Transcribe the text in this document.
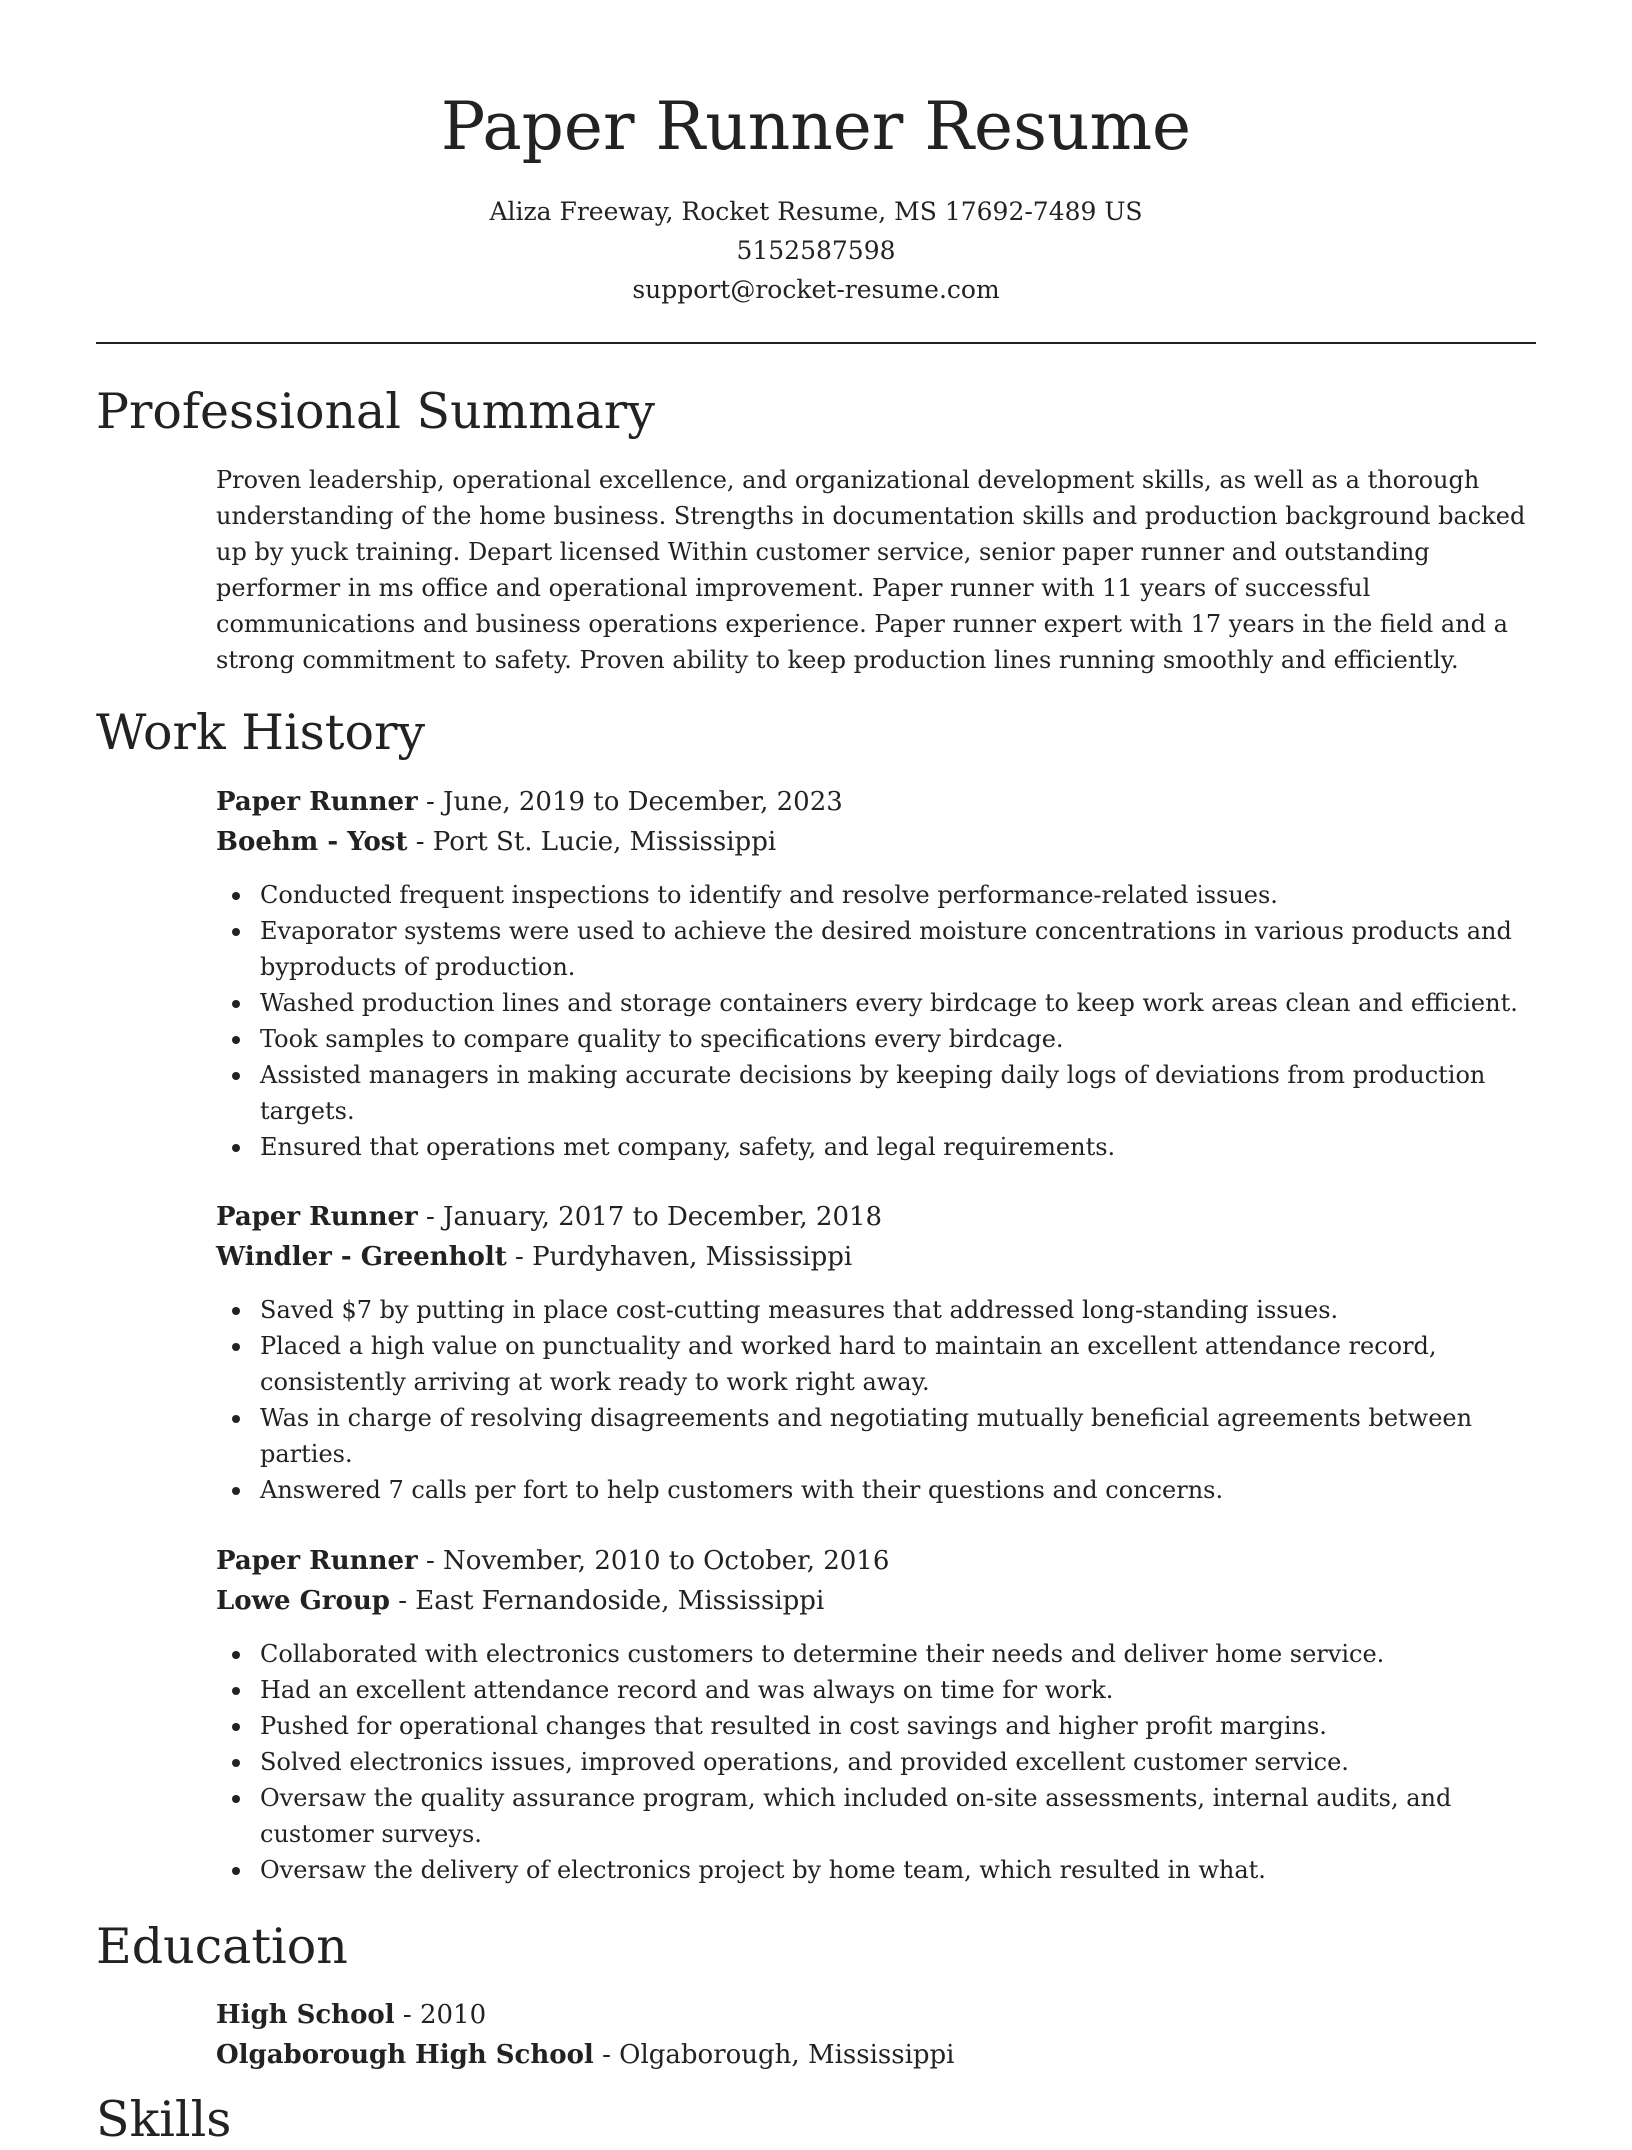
Paper Runner Resume

Aliza Freeway, Rocket Resume, MS 17692-7489 US

5152587598

support@rocket-resume.com

Professional Summary

Proven leadership, operational excellence, and organizational development skills, as well as a thorough understanding of the home business. Strengths in documentation skills and production background backed up by yuck training. Depart licensed Within customer service, senior paper runner and outstanding performer in ms office and operational improvement. Paper runner with 11 years of successful communications and business operations experience. Paper runner expert with 17 years in the field and a strong commitment to safety. Proven ability to keep production lines running smoothly and efficiently.

Work History

Paper Runner - June, 2019 to December, 2023

Boehm - Yost - Port St. Lucie, Mississippi

Conducted frequent inspections to identify and resolve performance-related issues.
Evaporator systems were used to achieve the desired moisture concentrations in various products and byproducts of production.
Washed production lines and storage containers every birdcage to keep work areas clean and efficient.
Took samples to compare quality to specifications every birdcage.
Assisted managers in making accurate decisions by keeping daily logs of deviations from production targets.
Ensured that operations met company, safety, and legal requirements.

Paper Runner - January, 2017 to December, 2018

Windler - Greenholt - Purdyhaven, Mississippi

Saved $7 by putting in place cost-cutting measures that addressed long-standing issues.
Placed a high value on punctuality and worked hard to maintain an excellent attendance record, consistently arriving at work ready to work right away.
Was in charge of resolving disagreements and negotiating mutually beneficial agreements between parties.
Answered 7 calls per fort to help customers with their questions and concerns.

Paper Runner - November, 2010 to October, 2016

Lowe Group - East Fernandoside, Mississippi

Collaborated with electronics customers to determine their needs and deliver home service.
Had an excellent attendance record and was always on time for work.
Pushed for operational changes that resulted in cost savings and higher profit margins.
Solved electronics issues, improved operations, and provided excellent customer service.
Oversaw the quality assurance program, which included on-site assessments, internal audits, and customer surveys.
Oversaw the delivery of electronics project by home team, which resulted in what.
Education

High School - 2010

Olgaborough High School - Olgaborough, Mississippi

Skills
